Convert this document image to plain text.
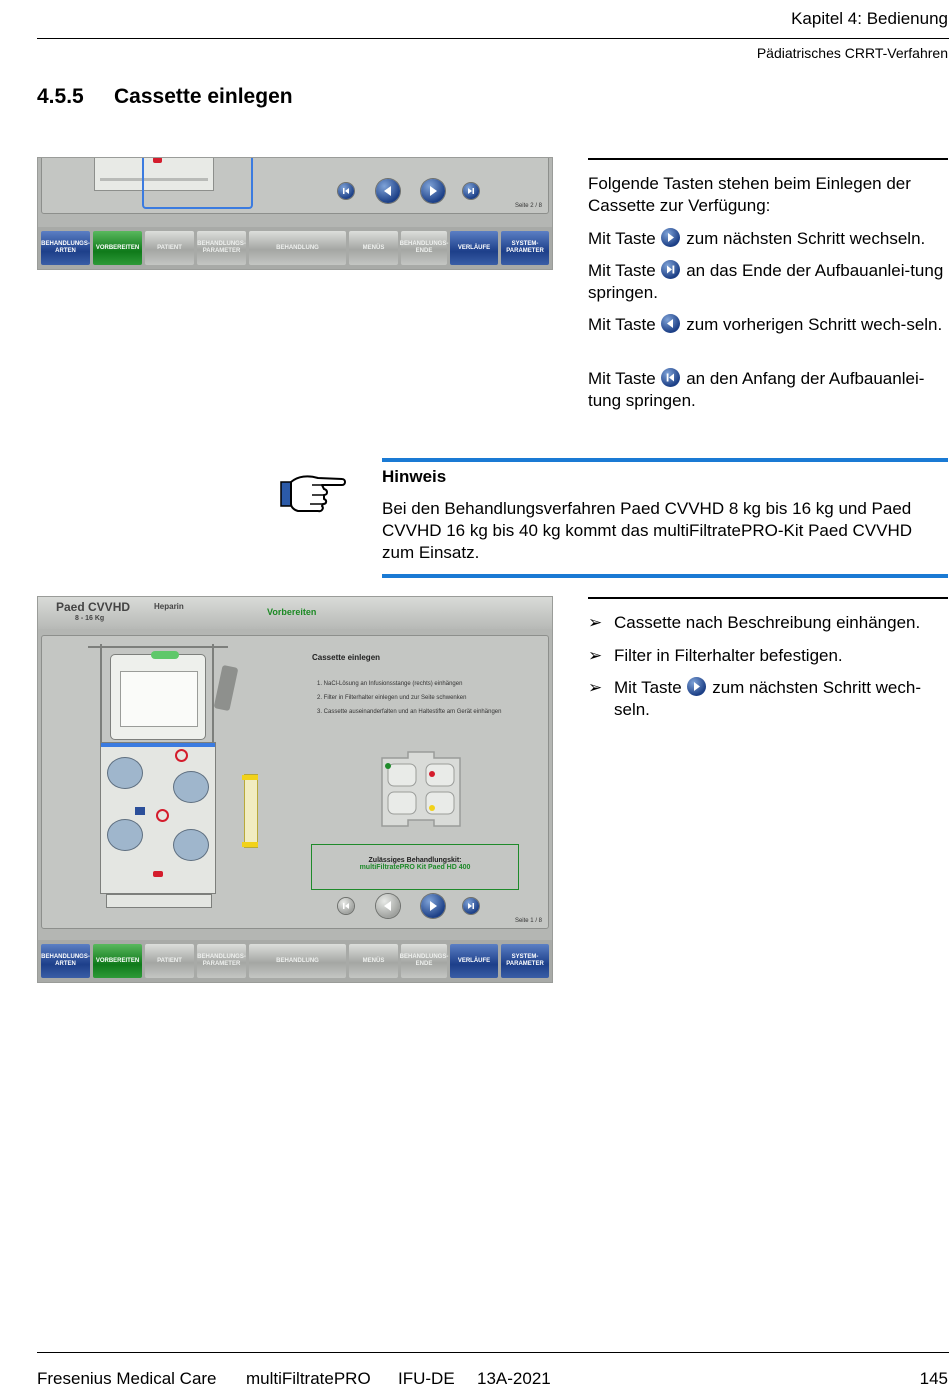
Kapitel 4: Bedienung
Pädiatrisches CRRT-Verfahren
4.5.5 Cassette einlegen
Seite 2 / 8
BEHANDLUNGS-ARTEN
VORBEREITEN	PATIENT
BEHANDLUNGS-PARAMETER
BEHANDLUNG	MENÜS
BEHANDLUNGS-ENDE
VERLÄUFE
SYSTEM-PARAMETER
Folgende Tasten stehen beim Einlegen der Cassette zur Verfügung:
Mit Taste zum nächsten Schritt wechseln.
Mit Taste an das Ende der Aufbauanlei-tung springen.
Mit Taste zum vorherigen Schritt wech-seln.
Mit Taste an den Anfang der Aufbauanlei-tung springen.
Hinweis
Bei den Behandlungsverfahren Paed CVVHD 8 kg bis 16 kg und Paed CVVHD 16 kg bis 40 kg kommt das multiFiltratePRO-Kit Paed CVVHD zum Einsatz.
Paed CVVHD
8 - 16 Kg
Heparin
Vorbereiten
Cassette einlegen
1. NaCl-Lösung an Infusionsstange (rechts) einhängen
2. Filter in Filterhalter einlegen und zur Seite schwenken
3. Cassette auseinanderfalten und an Haltestifte am Gerät einhängen
Zulässiges Behandlungskit:
multiFiltratePRO Kit Paed HD 400
Seite 1 / 8
BEHANDLUNGS-ARTEN
VORBEREITEN	PATIENT
BEHANDLUNGS-PARAMETER
BEHANDLUNG	MENÜS
BEHANDLUNGS-ENDE
VERLÄUFE
SYSTEM-PARAMETER
➢ Cassette nach Beschreibung einhängen.
➢ Filter in Filterhalter befestigen.
➢ Mit Taste zum nächsten Schritt wech-seln.
Fresenius Medical Care multiFiltratePRO IFU-DE 13A-2021	145
